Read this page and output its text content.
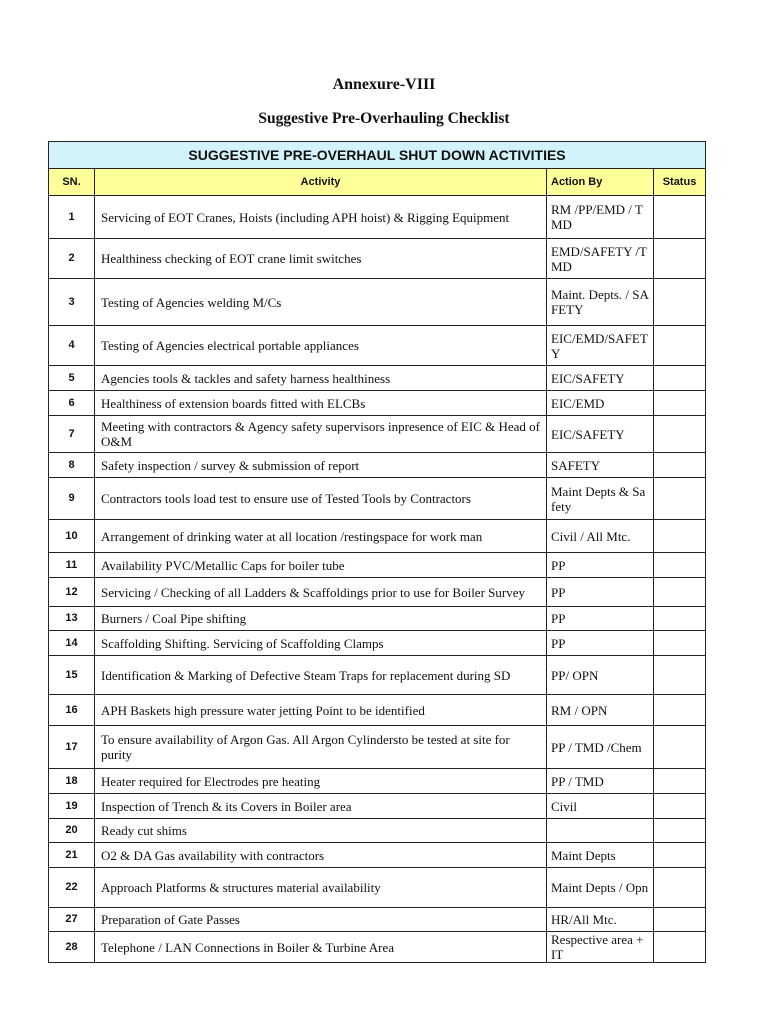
Annexure-VIII
Suggestive Pre-Overhauling Checklist
SUGGESTIVE PRE-OVERHAUL SHUT DOWN ACTIVITIES			
SN.	Activity	Action By	Status
1	Servicing of EOT Cranes, Hoists (including APH hoist) & Rigging Equipment	RM /PP/EMD / TMD	
2	Healthiness checking of EOT crane limit switches	EMD/SAFETY /TMD	
3	Testing of Agencies welding M/Cs	Maint. Depts. / SAFETY	
4	Testing of Agencies electrical portable appliances	EIC/EMD/SAFETY	
5	Agencies tools & tackles and safety harness healthiness	EIC/SAFETY	
6	Healthiness of extension boards fitted with ELCBs	EIC/EMD	
7	Meeting with contractors & Agency safety supervisors inpresence of EIC & Head of O&M	EIC/SAFETY	
8	Safety inspection / survey & submission of report	SAFETY	
9	Contractors tools load test to ensure use of Tested Tools by Contractors	Maint Depts & Safety	
10	Arrangement of drinking water at all location /restingspace for work man	Civil / All Mtc.	
11	Availability PVC/Metallic Caps for boiler tube	PP	
12	Servicing / Checking of all Ladders & Scaffoldings prior to use for Boiler Survey	PP	
13	Burners / Coal Pipe shifting	PP	
14	Scaffolding Shifting. Servicing of Scaffolding Clamps	PP	
15	Identification & Marking of Defective Steam Traps for replacement during SD	PP/ OPN	
16	APH Baskets high pressure water jetting Point to be identified	RM / OPN	
17	To ensure availability of Argon Gas. All Argon Cylindersto be tested at site for purity	PP / TMD /Chem	
18	Heater required for Electrodes pre heating	PP / TMD	
19	Inspection of Trench & its Covers in Boiler area	Civil	
20	Ready cut shims		
21	O2 & DA Gas availability with contractors	Maint Depts	
22	Approach Platforms & structures material availability	Maint Depts / Opn	
27	Preparation of Gate Passes	HR/All Mtc.	
28	Telephone / LAN Connections in Boiler & Turbine Area	Respective area + IT	
